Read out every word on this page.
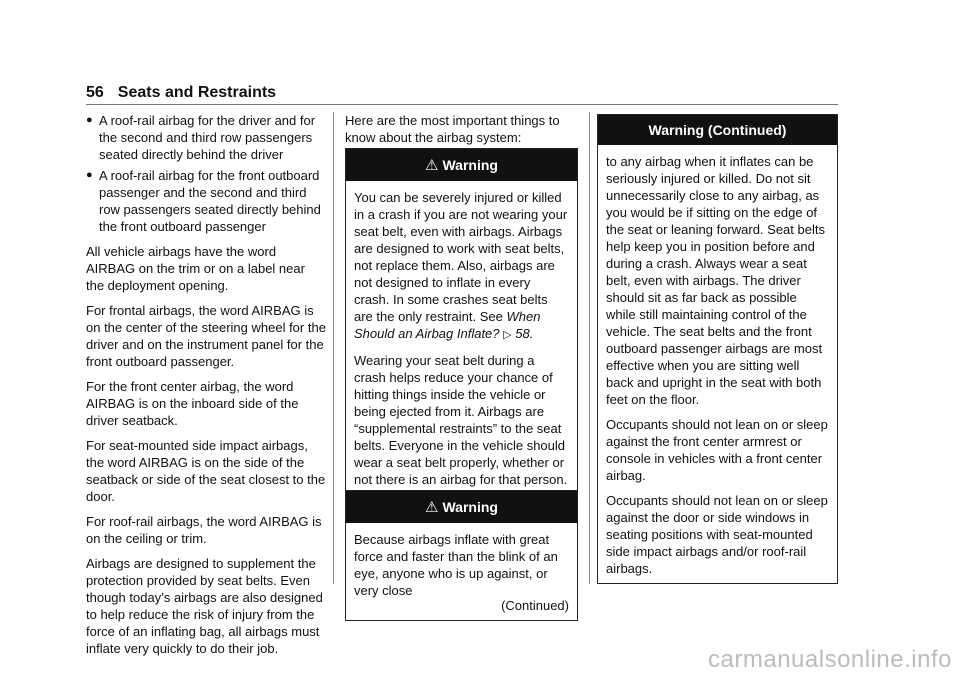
56 Seats and Restraints
● A roof-rail airbag for the driver and for the second and third row passengers seated directly behind the driver
● A roof-rail airbag for the front outboard passenger and the second and third row passengers seated directly behind the front outboard passenger

All vehicle airbags have the word AIRBAG on the trim or on a label near the deployment opening.

For frontal airbags, the word AIRBAG is on the center of the steering wheel for the driver and on the instrument panel for the front outboard passenger.

For the front center airbag, the word AIRBAG is on the inboard side of the driver seatback.

For seat-mounted side impact airbags, the word AIRBAG is on the side of the seatback or side of the seat closest to the door.

For roof-rail airbags, the word AIRBAG is on the ceiling or trim.

Airbags are designed to supplement the protection provided by seat belts. Even though today’s airbags are also designed to help reduce the risk of injury from the force of an inflating bag, all airbags must inflate very quickly to do their job.

Here are the most important things to know about the airbag system:

⚠ Warning

You can be severely injured or killed in a crash if you are not wearing your seat belt, even with airbags. Airbags are designed to work with seat belts, not replace them. Also, airbags are not designed to inflate in every crash. In some crashes seat belts are the only restraint. See When Should an Airbag Inflate? ▷ 58.

Wearing your seat belt during a crash helps reduce your chance of hitting things inside the vehicle or being ejected from it. Airbags are “supplemental restraints” to the seat belts. Everyone in the vehicle should wear a seat belt properly, whether or not there is an airbag for that person.

⚠ Warning

Because airbags inflate with great force and faster than the blink of an eye, anyone who is up against, or very close

(Continued)
Warning (Continued)

to any airbag when it inflates can be seriously injured or killed. Do not sit unnecessarily close to any airbag, as you would be if sitting on the edge of the seat or leaning forward. Seat belts help keep you in position before and during a crash. Always wear a seat belt, even with airbags. The driver should sit as far back as possible while still maintaining control of the vehicle. The seat belts and the front outboard passenger airbags are most effective when you are sitting well back and upright in the seat with both feet on the floor.

Occupants should not lean on or sleep against the front center armrest or console in vehicles with a front center airbag.

Occupants should not lean on or sleep against the door or side windows in seating positions with seat-mounted side impact airbags and/or roof-rail airbags.

carmanualsonline.info
